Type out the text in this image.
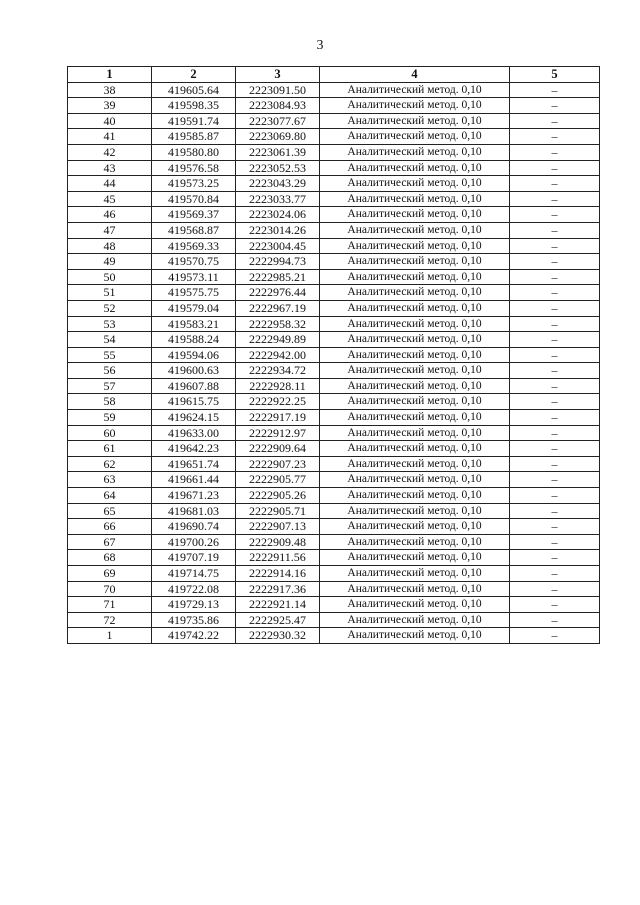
3
1	2	3	4	5
38	419605.64	2223091.50	Аналитический метод. 0,10	–
39	419598.35	2223084.93	Аналитический метод. 0,10	–
40	419591.74	2223077.67	Аналитический метод. 0,10	–
41	419585.87	2223069.80	Аналитический метод. 0,10	–
42	419580.80	2223061.39	Аналитический метод. 0,10	–
43	419576.58	2223052.53	Аналитический метод. 0,10	–
44	419573.25	2223043.29	Аналитический метод. 0,10	–
45	419570.84	2223033.77	Аналитический метод. 0,10	–
46	419569.37	2223024.06	Аналитический метод. 0,10	–
47	419568.87	2223014.26	Аналитический метод. 0,10	–
48	419569.33	2223004.45	Аналитический метод. 0,10	–
49	419570.75	2222994.73	Аналитический метод. 0,10	–
50	419573.11	2222985.21	Аналитический метод. 0,10	–
51	419575.75	2222976.44	Аналитический метод. 0,10	–
52	419579.04	2222967.19	Аналитический метод. 0,10	–
53	419583.21	2222958.32	Аналитический метод. 0,10	–
54	419588.24	2222949.89	Аналитический метод. 0,10	–
55	419594.06	2222942.00	Аналитический метод. 0,10	–
56	419600.63	2222934.72	Аналитический метод. 0,10	–
57	419607.88	2222928.11	Аналитический метод. 0,10	–
58	419615.75	2222922.25	Аналитический метод. 0,10	–
59	419624.15	2222917.19	Аналитический метод. 0,10	–
60	419633.00	2222912.97	Аналитический метод. 0,10	–
61	419642.23	2222909.64	Аналитический метод. 0,10	–
62	419651.74	2222907.23	Аналитический метод. 0,10	–
63	419661.44	2222905.77	Аналитический метод. 0,10	–
64	419671.23	2222905.26	Аналитический метод. 0,10	–
65	419681.03	2222905.71	Аналитический метод. 0,10	–
66	419690.74	2222907.13	Аналитический метод. 0,10	–
67	419700.26	2222909.48	Аналитический метод. 0,10	–
68	419707.19	2222911.56	Аналитический метод. 0,10	–
69	419714.75	2222914.16	Аналитический метод. 0,10	–
70	419722.08	2222917.36	Аналитический метод. 0,10	–
71	419729.13	2222921.14	Аналитический метод. 0,10	–
72	419735.86	2222925.47	Аналитический метод. 0,10	–
1	419742.22	2222930.32	Аналитический метод. 0,10	–
